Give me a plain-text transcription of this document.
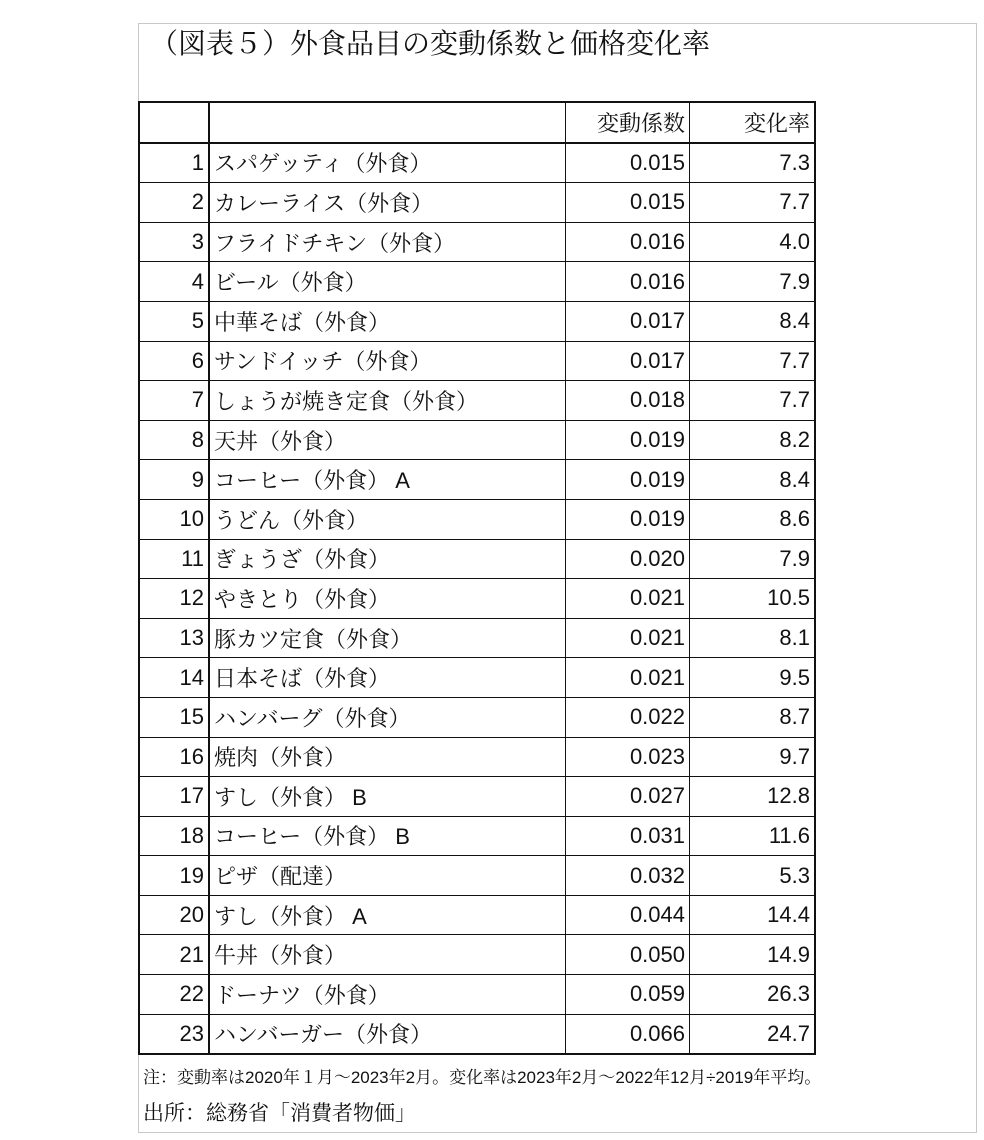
（図表５）外食品目の変動係数と価格変化率
		変動係数	変化率
1	スパゲッティ（外食）	0.015	7.3
2	カレーライス（外食）	0.015	7.7
3	フライドチキン（外食）	0.016	4.0
4	ビール（外食）	0.016	7.9
5	中華そば（外食）	0.017	8.4
6	サンドイッチ（外食）	0.017	7.7
7	しょうが焼き定食（外食）	0.018	7.7
8	天丼（外食）	0.019	8.2
9	コーヒー（外食） A	0.019	8.4
10	うどん（外食）	0.019	8.6
11	ぎょうざ（外食）	0.020	7.9
12	やきとり（外食）	0.021	10.5
13	豚カツ定食（外食）	0.021	8.1
14	日本そば（外食）	0.021	9.5
15	ハンバーグ（外食）	0.022	8.7
16	焼肉（外食）	0.023	9.7
17	すし（外食） B	0.027	12.8
18	コーヒー（外食） B	0.031	11.6
19	ピザ（配達）	0.032	5.3
20	すし（外食） A	0.044	14.4
21	牛丼（外食）	0.050	14.9
22	ドーナツ（外食）	0.059	26.3
23	ハンバーガー（外食）	0.066	24.7
注：変動率は2020年１月～2023年2月。変化率は2023年2月～2022年12月÷2019年平均。
出所：総務省「消費者物価」
